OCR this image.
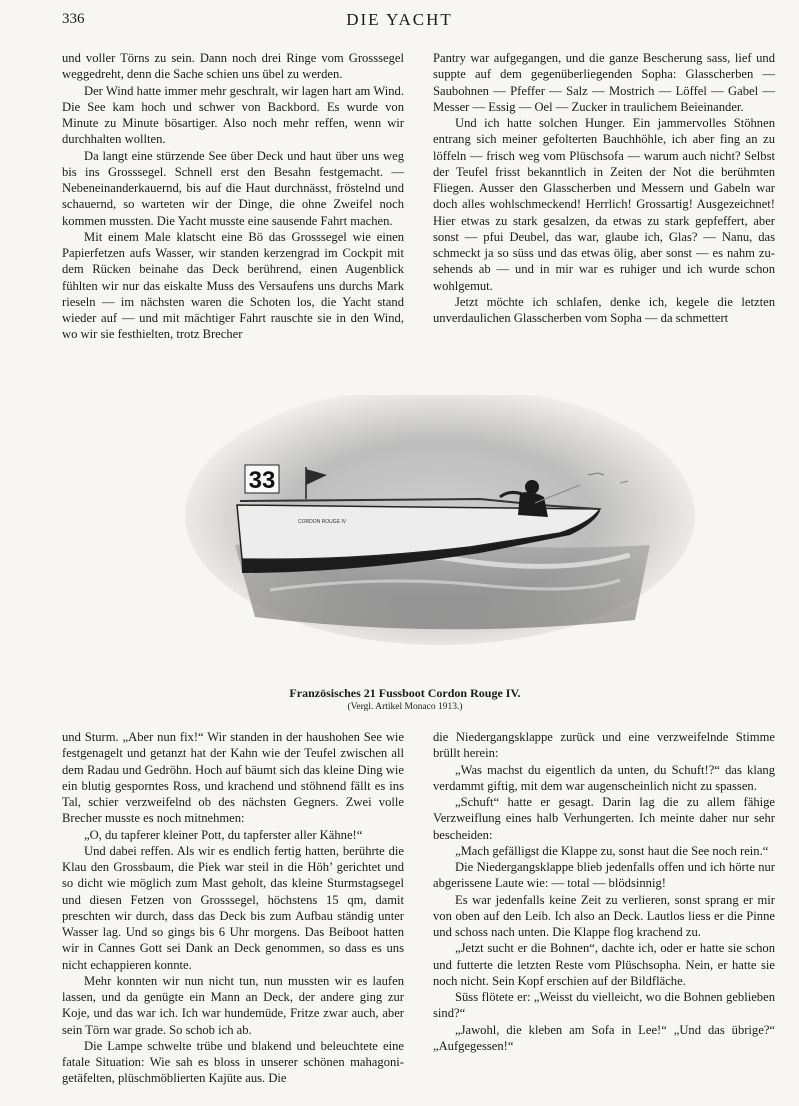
336	DIE YACHT

und voller Törns zu sein. Dann noch drei Ringe vom Grosssegel weggedreht, denn die Sache schien uns übel zu werden.

Der Wind hatte immer mehr geschralt, wir lagen hart am Wind. Die See kam hoch und schwer von Backbord. Es wurde von Minute zu Minute bösartiger. Also noch mehr reffen, wenn wir durchhalten wollten.

Da langt eine stürzende See über Deck und haut über uns weg bis ins Grosssegel. Schnell erst den Besahn festgemacht. — Nebeneinanderkauernd, bis auf die Haut durchnässt, fröstelnd und schauernd, so warteten wir der Dinge, die ohne Zweifel noch kommen mussten. Die Yacht musste eine sausende Fahrt machen.

Mit einem Male klatscht eine Bö das Grosssegel wie einen Papierfetzen aufs Wasser, wir standen kerzengrad im Cockpit mit dem Rücken beinahe das Deck berührend, einen Augenblick fühlten wir nur das eiskalte Muss des Versaufens uns durchs Mark rieseln — im nächsten waren die Schoten los, die Yacht stand wieder auf — und mit mächtiger Fahrt rauschte sie in den Wind, wo wir sie festhielten, trotz Brecher

Pantry war aufgegangen, und die ganze Bescherung sass, lief und suppte auf dem gegenüberliegenden Sopha: Glasscherben — Saubohnen — Pfeffer — Salz — Mostrich — Löffel — Gabel — Messer — Essig — Oel — Zucker in traulichem Beieinander.

Und ich hatte solchen Hunger. Ein jammervolles Stöhnen entrang sich meiner gefolterten Bauchhöhle, ich aber fing an zu löffeln — frisch weg vom Plüschsofa — warum auch nicht? Selbst der Teufel frisst bekanntlich in Zeiten der Not die berühmten Fliegen. Ausser den Glasscherben und Messern und Gabeln war doch alles wohlschmeckend! Herrlich! Grossartig! Ausgezeichnet! Hier etwas zu stark gesalzen, da etwas zu stark gepfeffert, aber sonst — pfui Deubel, das war, glaube ich, Glas? — Nanu, das schmeckt ja so süss und das etwas ölig, aber sonst — es nahm zusehends ab — und in mir war es ruhiger und ich wurde schon wohlgemut.

Jetzt möchte ich schlafen, denke ich, kegele die letzten unverdaulichen Glasscherben vom Sopha — da schmettert

33
CORDON ROUGE IV
Französisches 21 Fussboot Cordon Rouge IV.
(Vergl. Artikel Monaco 1913.)

und Sturm. „Aber nun fix!“ Wir standen in der haushohen See wie festgenagelt und getanzt hat der Kahn wie der Teufel zwischen all dem Radau und Gedröhn. Hoch auf bäumt sich das kleine Ding wie ein blutig gesporntes Ross, und krachend und stöhnend fällt es ins Tal, schier verzweifelnd ob des nächsten Gegners. Zwei volle Brecher musste es noch mitnehmen:

„O, du tapferer kleiner Pott, du tapferster aller Kähne!“

Und dabei reffen. Als wir es endlich fertig hatten, berührte die Klau den Grossbaum, die Piek war steil in die Höh’ gerichtet und so dicht wie möglich zum Mast geholt, das kleine Sturmstagsegel und diesen Fetzen von Grosssegel, höchstens 15 qm, damit preschten wir durch, dass das Deck bis zum Aufbau ständig unter Wasser lag. Und so gings bis 6 Uhr morgens. Das Beiboot hatten wir in Cannes Gott sei Dank an Deck genommen, so dass es uns nicht echappieren konnte.

Mehr konnten wir nun nicht tun, nun mussten wir es laufen lassen, und da genügte ein Mann an Deck, der andere ging zur Koje, und das war ich. Ich war hundemüde, Fritze zwar auch, aber sein Törn war grade. So schob ich ab.

Die Lampe schwelte trübe und blakend und beleuchtete eine fatale Situation: Wie sah es bloss in unserer schönen mahagoni-getäfelten, plüschmöblierten Kajüte aus. Die

die Niedergangsklappe zurück und eine verzweifelnde Stimme brüllt herein:

„Was machst du eigentlich da unten, du Schuft!?“ das klang verdammt giftig, mit dem war augenscheinlich nicht zu spassen.

„Schuft“ hatte er gesagt. Darin lag die zu allem fähige Verzweiflung eines halb Verhungerten. Ich meinte daher nur sehr bescheiden:

„Mach gefälligst die Klappe zu, sonst haut die See noch rein.“

Die Niedergangsklappe blieb jedenfalls offen und ich hörte nur abgerissene Laute wie: — total — blödsinnig!

Es war jedenfalls keine Zeit zu verlieren, sonst sprang er mir von oben auf den Leib. Ich also an Deck. Lautlos liess er die Pinne und schoss nach unten. Die Klappe flog krachend zu.

„Jetzt sucht er die Bohnen“, dachte ich, oder er hatte sie schon und futterte die letzten Reste vom Plüschsopha. Nein, er hatte sie noch nicht. Sein Kopf erschien auf der Bildfläche.

Süss flötete er: „Weisst du vielleicht, wo die Bohnen geblieben sind?“

„Jawohl, die kleben am Sofa in Lee!“ „Und das übrige?“ „Aufgegessen!“
